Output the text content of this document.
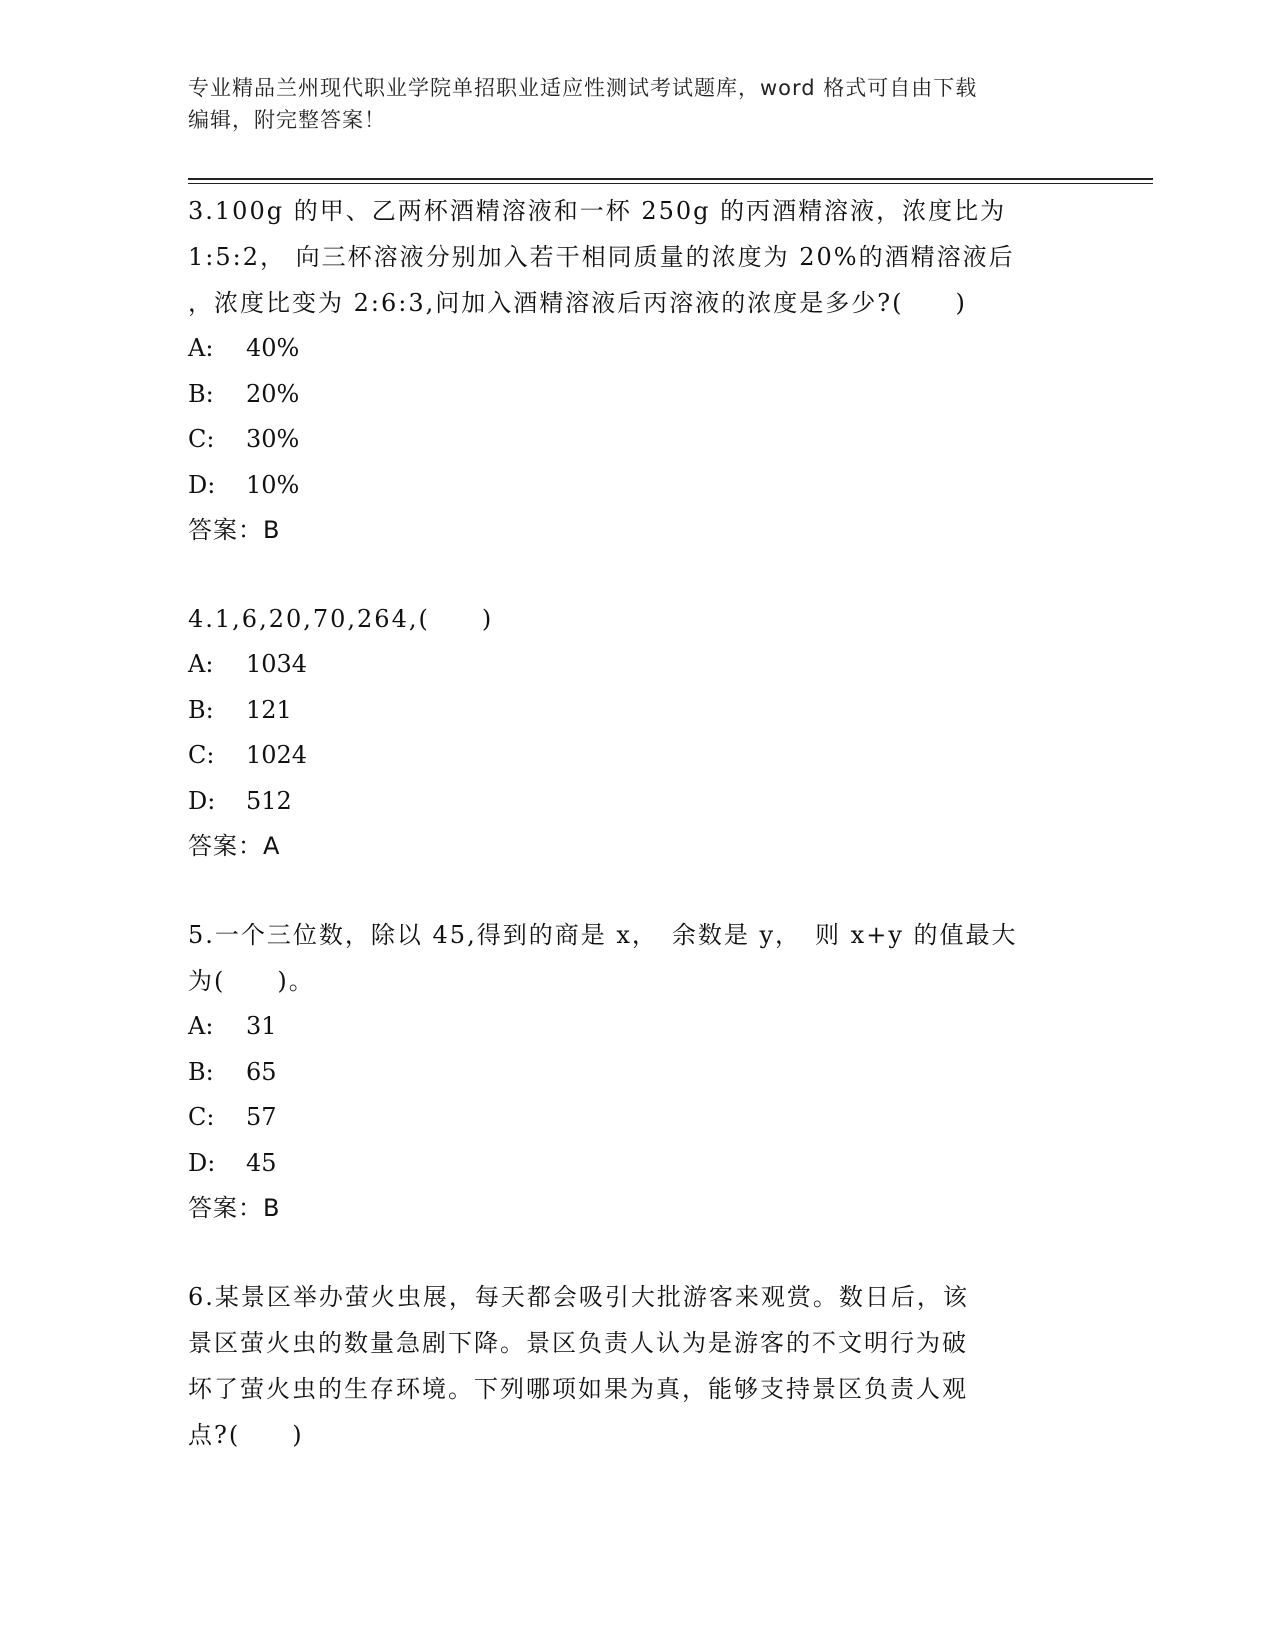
专业精品兰州现代职业学院单招职业适应性测试考试题库，word 格式可自由下载
编辑，附完整答案！
3.100g 的甲、乙两杯酒精溶液和一杯 250g 的丙酒精溶液，浓度比为
1:5:2， 向三杯溶液分别加入若干相同质量的浓度为 20%的酒精溶液后
，浓度比变为 2:6:3,问加入酒精溶液后丙溶液的浓度是多少?(　　)
A: 40%
B: 20%
C: 30%
D: 10%
答案：B
4.1,6,20,70,264,(　　)
A: 1034
B: 121
C: 1024
D: 512
答案：A
5.一个三位数，除以 45,得到的商是 x，　余数是 y，　则 x+y 的值最大
为(　　)。
A: 31
B: 65
C: 57
D: 45
答案：B
6.某景区举办萤火虫展，每天都会吸引大批游客来观赏。数日后，该
景区萤火虫的数量急剧下降。景区负责人认为是游客的不文明行为破
坏了萤火虫的生存环境。下列哪项如果为真，能够支持景区负责人观
点?(　　)
